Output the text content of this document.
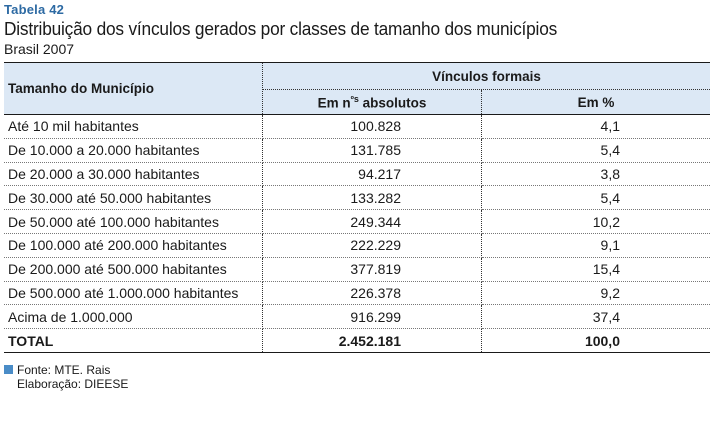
Tabela 42
Distribuição dos vínculos gerados por classes de tamanho dos municípios
Brasil 2007
Tamanho do Município	Vínculos formais	
	Em $n^{ºs}$ absolutos	Em %
Até 10 mil habitantes	100.828	4,1
De 10.000 a 20.000 habitantes	131.785	5,4
De 20.000 a 30.000 habitantes	94.217	3,8
De 30.000 até 50.000 habitantes	133.282	5,4
De 50.000 até 100.000 habitantes	249.344	10,2
De 100.000 até 200.000 habitantes	222.229	9,1
De 200.000 até 500.000 habitantes	377.819	15,4
De 500.000 até 1.000.000 habitantes	226.378	9,2
Acima de 1.000.000	916.299	37,4
TOTAL	2.452.181	100,0
Fonte: MTE. Rais
Elaboração: DIEESE
